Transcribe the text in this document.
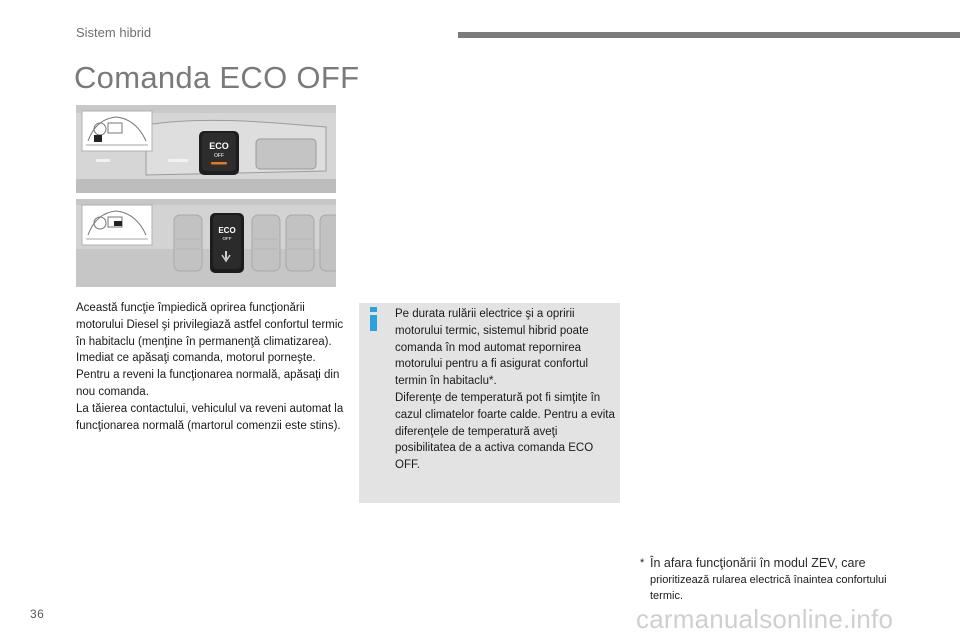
Sistem hibrid
Comanda ECO OFF
ECO
OFF
ECO
OFF

Această funcţie împiedică oprirea funcţionării motorului Diesel şi privilegiază astfel confortul termic în habitaclu (menţine în permanenţă climatizarea).

Imediat ce apăsaţi comanda, motorul porneşte.

Pentru a reveni la funcţionarea normală, apăsaţi din nou comanda.

La tăierea contactului, vehiculul va reveni automat la funcţionarea normală (martorul comenzii este stins).

Pe durata rulării electrice şi a opririi motorului termic, sistemul hibrid poate comanda în mod automat repornirea motorului pentru a fi asigurat confortul termin în habitaclu*.

Diferenţe de temperatură pot fi simţite în cazul climatelor foarte calde. Pentru a evita diferenţele de temperatură aveţi posibilitatea de a activa comanda ECO OFF.

* În afara funcţionării în modul ZEV, care prioritizează rularea electrică înaintea confortului termic.
36	carmanualsonline.info
